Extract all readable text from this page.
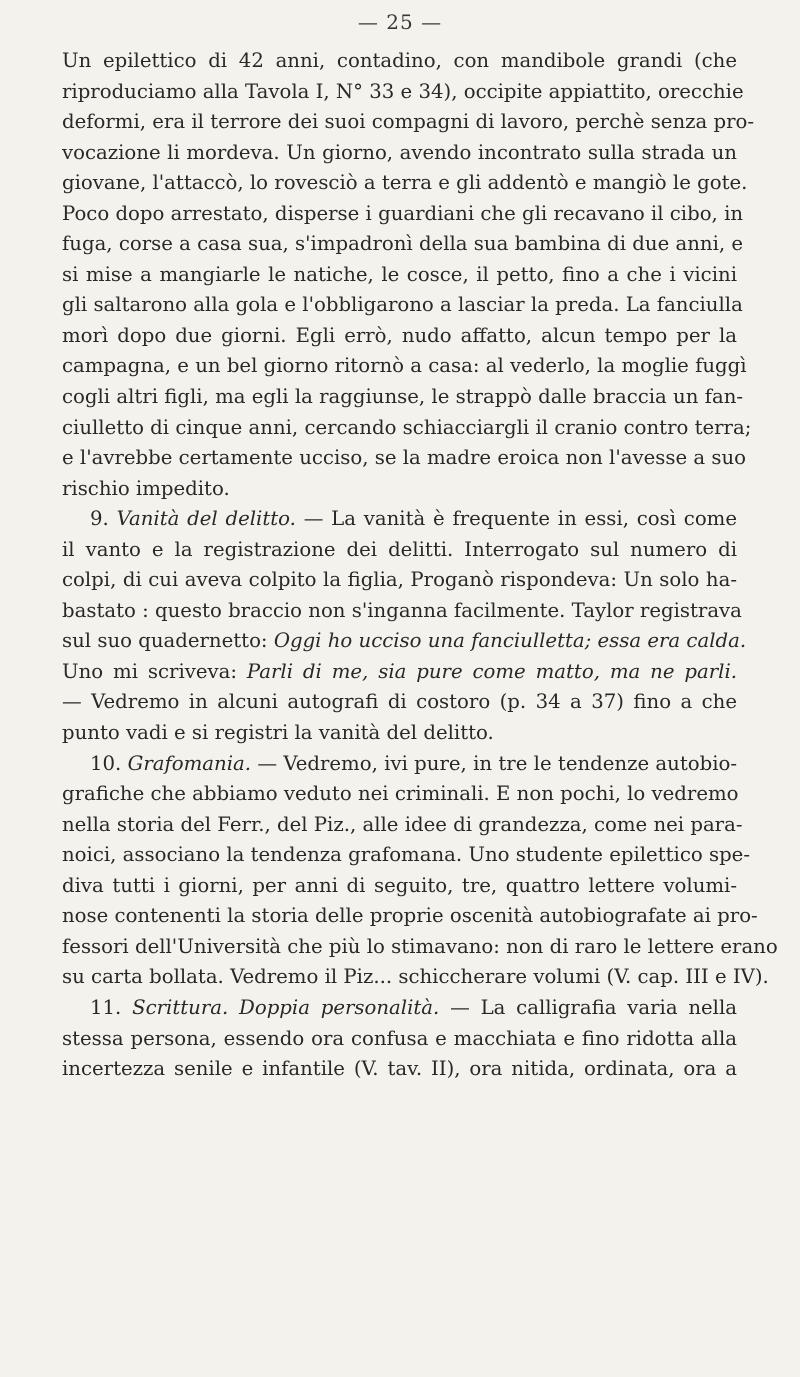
— 25 —
Un epilettico di 42 anni, contadino, con mandibole grandi (che
riproduciamo alla Tavola I, N° 33 e 34), occipite appiattito, orecchie
deformi, era il terrore dei suoi compagni di lavoro, perchè senza pro-
vocazione li mordeva. Un giorno, avendo incontrato sulla strada un
giovane, l'attaccò, lo rovesciò a terra e gli addentò e mangiò le gote.
Poco dopo arrestato, disperse i guardiani che gli recavano il cibo, in
fuga, corse a casa sua, s'impadronì della sua bambina di due anni, e
si mise a mangiarle le natiche, le cosce, il petto, fino a che i vicini
gli saltarono alla gola e l'obbligarono a lasciar la preda. La fanciulla
morì dopo due giorni. Egli errò, nudo affatto, alcun tempo per la
campagna, e un bel giorno ritornò a casa: al vederlo, la moglie fuggì
cogli altri figli, ma egli la raggiunse, le strappò dalle braccia un fan-
ciulletto di cinque anni, cercando schiacciargli il cranio contro terra;
e l'avrebbe certamente ucciso, se la madre eroica non l'avesse a suo
rischio impedito.
9. Vanità del delitto. — La vanità è frequente in essi, così come
il vanto e la registrazione dei delitti. Interrogato sul numero di
colpi, di cui aveva colpito la figlia, Proganò rispondeva: Un solo ha-
bastato : questo braccio non s'inganna facilmente. Taylor registrava
sul suo quadernetto: Oggi ho ucciso una fanciulletta; essa era calda.
Uno mi scriveva: Parli di me, sia pure come matto, ma ne parli.
— Vedremo in alcuni autografi di costoro (p. 34 a 37) fino a che
punto vadi e si registri la vanità del delitto.
10. Grafomania. — Vedremo, ivi pure, in tre le tendenze autobio-
grafiche che abbiamo veduto nei criminali. E non pochi, lo vedremo
nella storia del Ferr., del Piz., alle idee di grandezza, come nei para-
noici, associano la tendenza grafomana. Uno studente epilettico spe-
diva tutti i giorni, per anni di seguito, tre, quattro lettere volumi-
nose contenenti la storia delle proprie oscenità autobiografate ai pro-
fessori dell'Università che più lo stimavano: non di raro le lettere erano
su carta bollata. Vedremo il Piz... schiccherare volumi (V. cap. III e IV).
11. Scrittura. Doppia personalità. — La calligrafia varia nella
stessa persona, essendo ora confusa e macchiata e fino ridotta alla
incertezza senile e infantile (V. tav. II), ora nitida, ordinata, ora a
